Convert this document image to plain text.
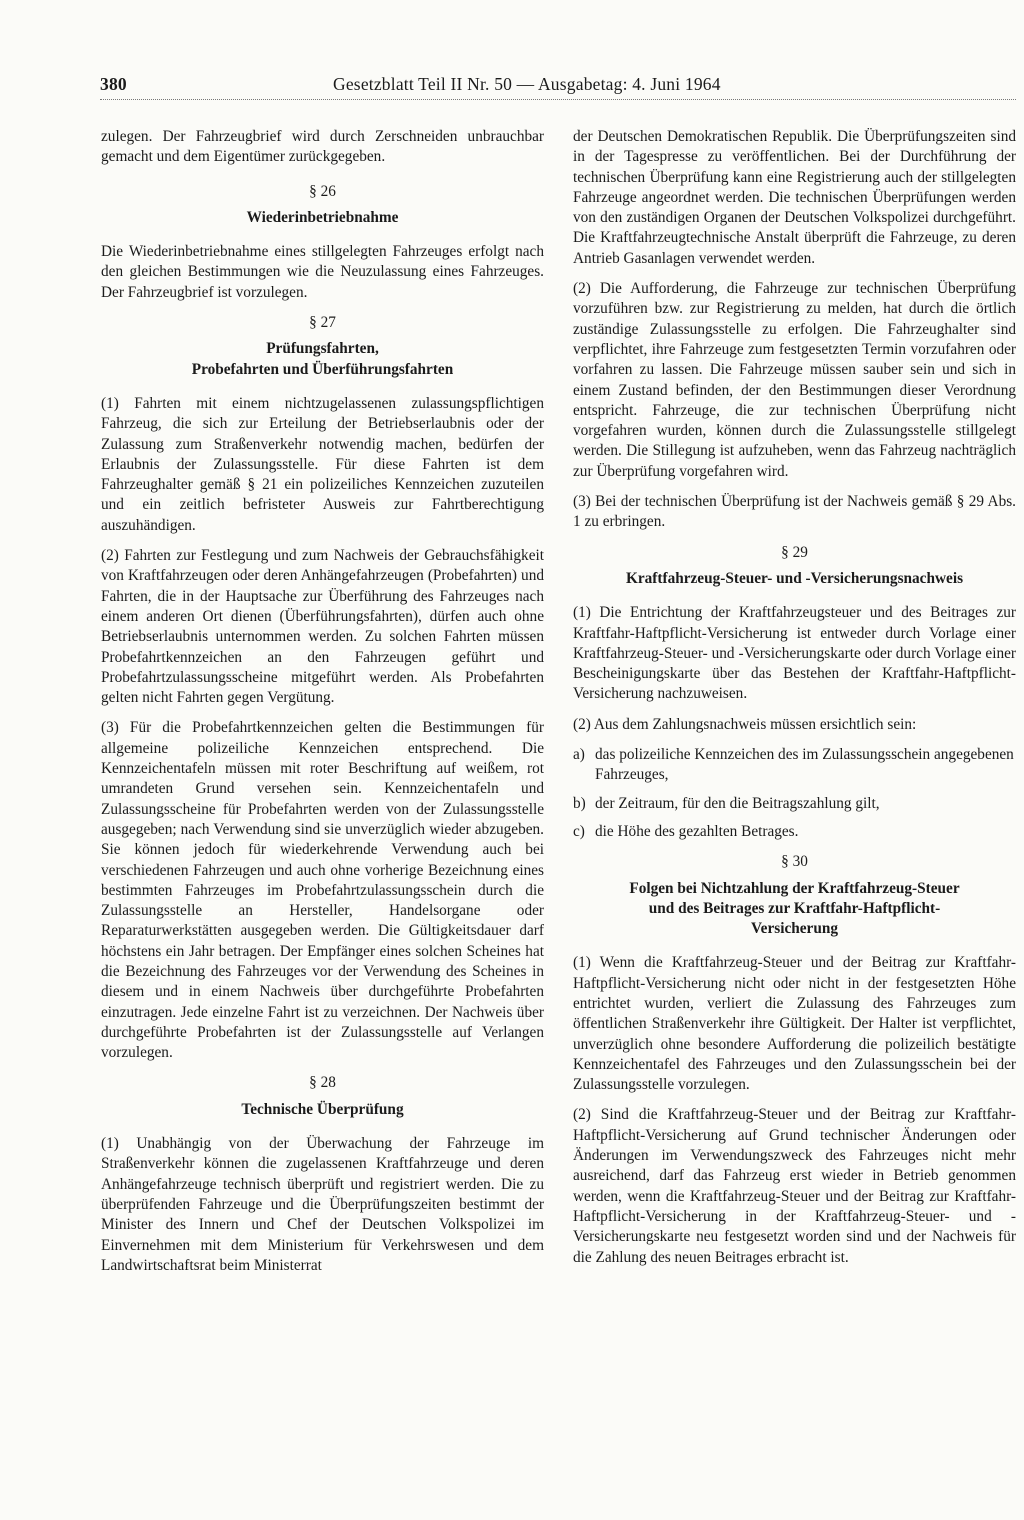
380	Gesetzblatt Teil II Nr. 50 — Ausgabetag: 4. Juni 1964

zulegen. Der Fahrzeugbrief wird durch Zerschneiden unbrauchbar gemacht und dem Eigentümer zurückgegeben.

§ 26
Wiederinbetriebnahme

Die Wiederinbetriebnahme eines stillgelegten Fahrzeuges erfolgt nach den gleichen Bestimmungen wie die Neuzulassung eines Fahrzeuges. Der Fahrzeugbrief ist vorzulegen.

§ 27
Prüfungsfahrten,
Probefahrten und Überführungsfahrten

(1) Fahrten mit einem nichtzugelassenen zulassungspflichtigen Fahrzeug, die sich zur Erteilung der Betriebserlaubnis oder der Zulassung zum Straßenverkehr notwendig machen, bedürfen der Erlaubnis der Zulassungsstelle. Für diese Fahrten ist dem Fahrzeughalter gemäß § 21 ein polizeiliches Kennzeichen zuzuteilen und ein zeitlich befristeter Ausweis zur Fahrtberechtigung auszuhändigen.

(2) Fahrten zur Festlegung und zum Nachweis der Gebrauchsfähigkeit von Kraftfahrzeugen oder deren Anhängefahrzeugen (Probefahrten) und Fahrten, die in der Hauptsache zur Überführung des Fahrzeuges nach einem anderen Ort dienen (Überführungsfahrten), dürfen auch ohne Betriebserlaubnis unternommen werden. Zu solchen Fahrten müssen Probefahrtkennzeichen an den Fahrzeugen geführt und Probefahrtzulassungsscheine mitgeführt werden. Als Probefahrten gelten nicht Fahrten gegen Vergütung.

(3) Für die Probefahrtkennzeichen gelten die Bestimmungen für allgemeine polizeiliche Kennzeichen entsprechend. Die Kennzeichentafeln müssen mit roter Beschriftung auf weißem, rot umrandeten Grund versehen sein. Kennzeichentafeln und Zulassungsscheine für Probefahrten werden von der Zulassungsstelle ausgegeben; nach Verwendung sind sie unverzüglich wieder abzugeben. Sie können jedoch für wiederkehrende Verwendung auch bei verschiedenen Fahrzeugen und auch ohne vorherige Bezeichnung eines bestimmten Fahrzeuges im Probefahrtzulassungsschein durch die Zulassungsstelle an Hersteller, Handelsorgane oder Reparaturwerkstätten ausgegeben werden. Die Gültigkeitsdauer darf höchstens ein Jahr betragen. Der Empfänger eines solchen Scheines hat die Bezeichnung des Fahrzeuges vor der Verwendung des Scheines in diesem und in einem Nachweis über durchgeführte Probefahrten einzutragen. Jede einzelne Fahrt ist zu verzeichnen. Der Nachweis über durchgeführte Probefahrten ist der Zulassungsstelle auf Verlangen vorzulegen.

§ 28
Technische Überprüfung

(1) Unabhängig von der Überwachung der Fahrzeuge im Straßenverkehr können die zugelassenen Kraftfahrzeuge und deren Anhängefahrzeuge technisch überprüft und registriert werden. Die zu überprüfenden Fahrzeuge und die Überprüfungszeiten bestimmt der Minister des Innern und Chef der Deutschen Volkspolizei im Einvernehmen mit dem Ministerium für Verkehrswesen und dem Landwirtschaftsrat beim Ministerrat

der Deutschen Demokratischen Republik. Die Überprüfungszeiten sind in der Tagespresse zu veröffentlichen. Bei der Durchführung der technischen Überprüfung kann eine Registrierung auch der stillgelegten Fahrzeuge angeordnet werden. Die technischen Überprüfungen werden von den zuständigen Organen der Deutschen Volkspolizei durchgeführt. Die Kraftfahrzeugtechnische Anstalt überprüft die Fahrzeuge, zu deren Antrieb Gasanlagen verwendet werden.

(2) Die Aufforderung, die Fahrzeuge zur technischen Überprüfung vorzuführen bzw. zur Registrierung zu melden, hat durch die örtlich zuständige Zulassungsstelle zu erfolgen. Die Fahrzeughalter sind verpflichtet, ihre Fahrzeuge zum festgesetzten Termin vorzufahren oder vorfahren zu lassen. Die Fahrzeuge müssen sauber sein und sich in einem Zustand befinden, der den Bestimmungen dieser Verordnung entspricht. Fahrzeuge, die zur technischen Überprüfung nicht vorgefahren wurden, können durch die Zulassungsstelle stillgelegt werden. Die Stillegung ist aufzuheben, wenn das Fahrzeug nachträglich zur Überprüfung vorgefahren wird.

(3) Bei der technischen Überprüfung ist der Nachweis gemäß § 29 Abs. 1 zu erbringen.

§ 29
Kraftfahrzeug-Steuer- und -Versicherungsnachweis

(1) Die Entrichtung der Kraftfahrzeugsteuer und des Beitrages zur Kraftfahr-Haftpflicht-Versicherung ist entweder durch Vorlage einer Kraftfahrzeug-Steuer- und -Versicherungskarte oder durch Vorlage einer Bescheinigungskarte über das Bestehen der Kraftfahr-Haftpflicht-Versicherung nachzuweisen.

(2) Aus dem Zahlungsnachweis müssen ersichtlich sein:

a) das polizeiliche Kennzeichen des im Zulassungsschein angegebenen Fahrzeuges,
b) der Zeitraum, für den die Beitragszahlung gilt,
c) die Höhe des gezahlten Betrages.
§ 30
Folgen bei Nichtzahlung der Kraftfahrzeug-Steuer
und des Beitrages zur Kraftfahr-Haftpflicht-
Versicherung

(1) Wenn die Kraftfahrzeug-Steuer und der Beitrag zur Kraftfahr-Haftpflicht-Versicherung nicht oder nicht in der festgesetzten Höhe entrichtet wurden, verliert die Zulassung des Fahrzeuges zum öffentlichen Straßenverkehr ihre Gültigkeit. Der Halter ist verpflichtet, unverzüglich ohne besondere Aufforderung die polizeilich bestätigte Kennzeichentafel des Fahrzeuges und den Zulassungsschein bei der Zulassungsstelle vorzulegen.

(2) Sind die Kraftfahrzeug-Steuer und der Beitrag zur Kraftfahr-Haftpflicht-Versicherung auf Grund technischer Änderungen oder Änderungen im Verwendungszweck des Fahrzeuges nicht mehr ausreichend, darf das Fahrzeug erst wieder in Betrieb genommen werden, wenn die Kraftfahrzeug-Steuer und der Beitrag zur Kraftfahr-Haftpflicht-Versicherung in der Kraftfahrzeug-Steuer- und -Versicherungskarte neu festgesetzt worden sind und der Nachweis für die Zahlung des neuen Beitrages erbracht ist.
